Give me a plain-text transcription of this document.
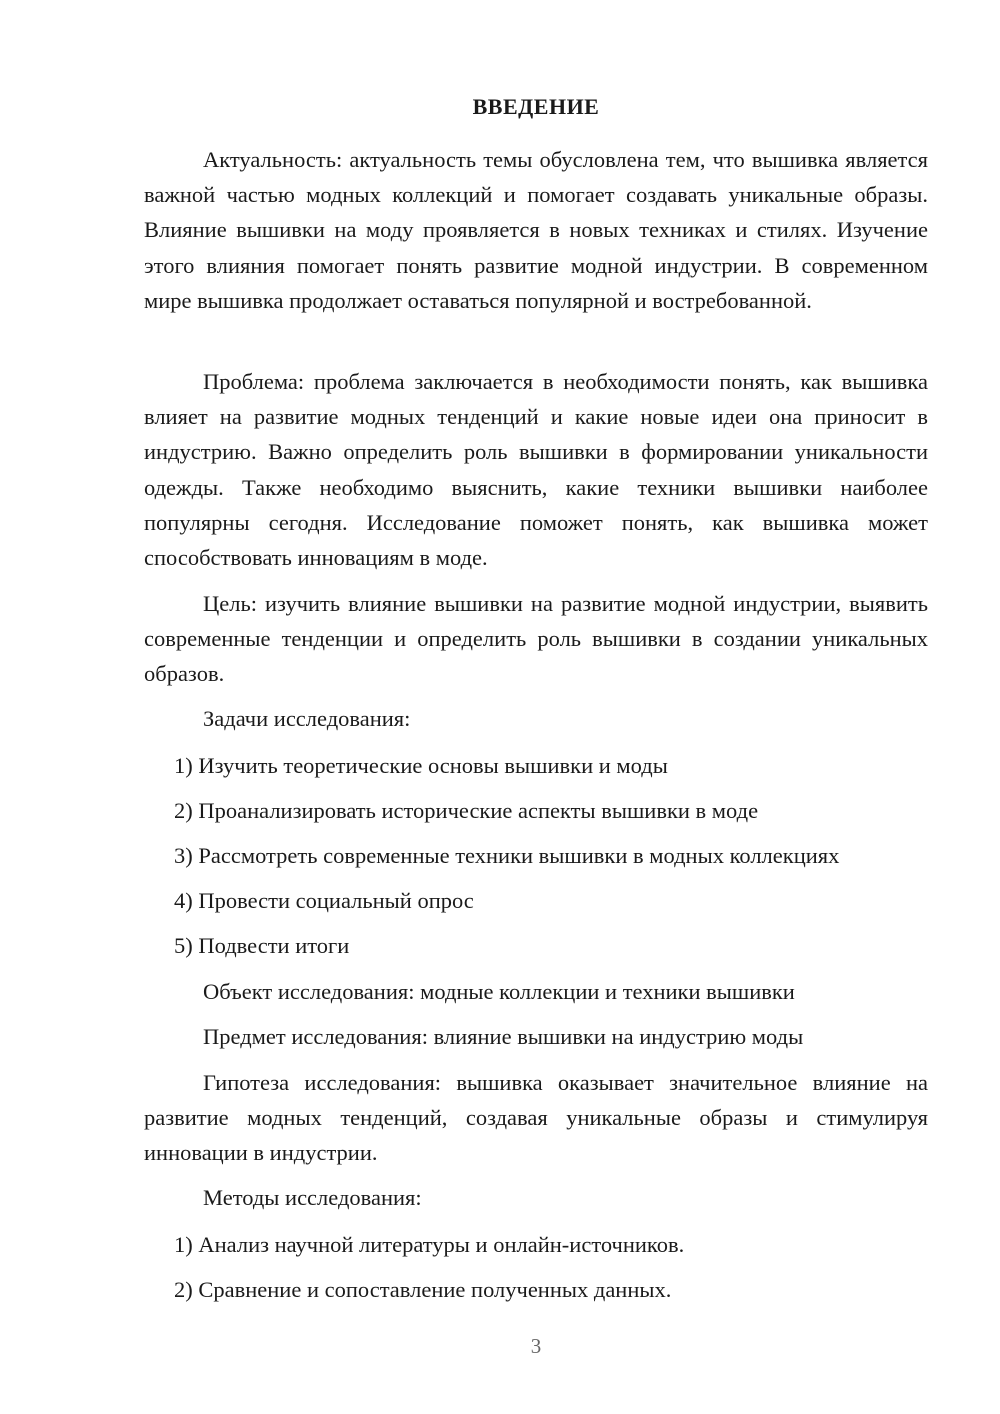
ВВЕДЕНИЕ

Актуальность: актуальность темы обусловлена тем, что вышивка является важной частью модных коллекций и помогает создавать уникальные образы. Влияние вышивки на моду проявляется в новых техниках и стилях. Изучение этого влияния помогает понять развитие модной индустрии. В современном мире вышивка продолжает оставаться популярной и востребованной.

Проблема: проблема заключается в необходимости понять, как вышивка влияет на развитие модных тенденций и какие новые идеи она приносит в индустрию. Важно определить роль вышивки в формировании уникальности одежды. Также необходимо выяснить, какие техники вышивки наиболее популярны сегодня. Исследование поможет понять, как вышивка может способствовать инновациям в моде.

Цель: изучить влияние вышивки на развитие модной индустрии, выявить современные тенденции и определить роль вышивки в создании уникальных образов.

Задачи исследования:

1) Изучить теоретические основы вышивки и моды

2) Проанализировать исторические аспекты вышивки в моде

3) Рассмотреть современные техники вышивки в модных коллекциях

4) Провести социальный опрос

5) Подвести итоги

Объект исследования: модные коллекции и техники вышивки

Предмет исследования: влияние вышивки на индустрию моды

Гипотеза исследования: вышивка оказывает значительное влияние на развитие модных тенденций, создавая уникальные образы и стимулируя инновации в индустрии.

Методы исследования:

1) Анализ научной литературы и онлайн-источников.

2) Сравнение и сопоставление полученных данных.

3
